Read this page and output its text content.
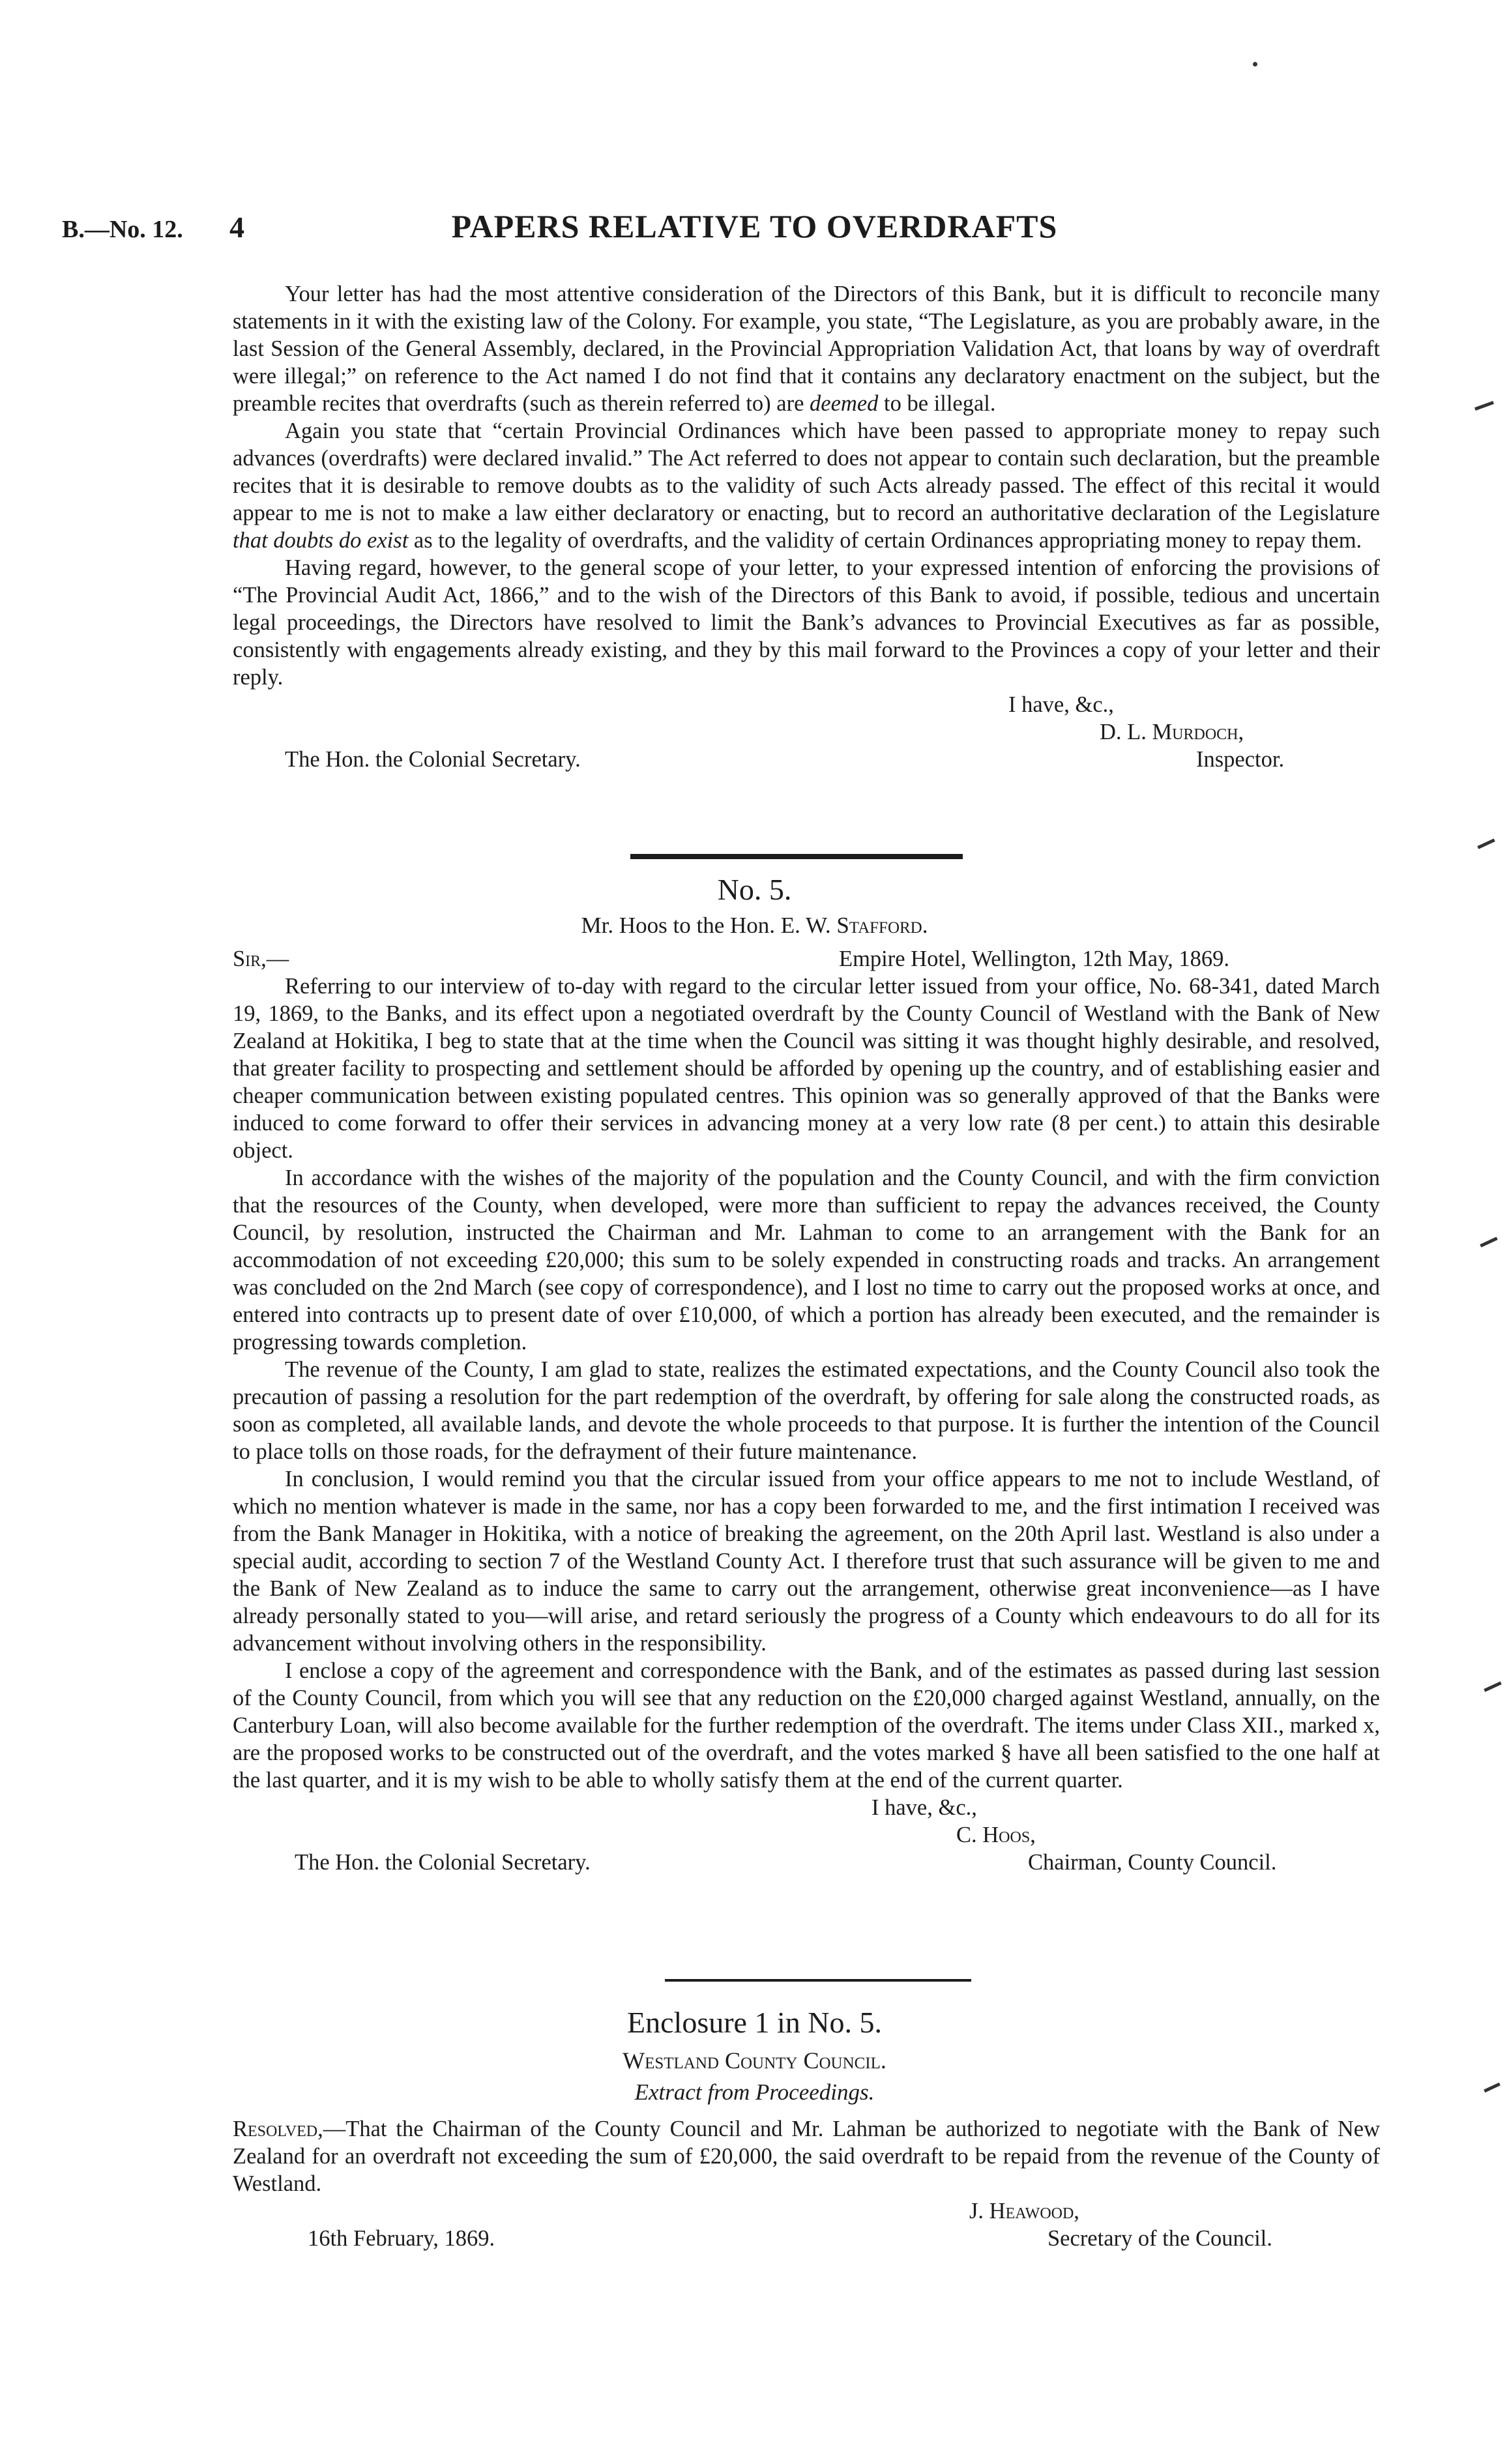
B.—No. 12. 4	PAPERS RELATIVE TO OVERDRAFTS

Your letter has had the most attentive consideration of the Directors of this Bank, but it is difficult to reconcile many statements in it with the existing law of the Colony. For example, you state, “The Legislature, as you are probably aware, in the last Session of the General Assembly, declared, in the Provincial Appropriation Validation Act, that loans by way of overdraft were illegal;” on reference to the Act named I do not find that it contains any declaratory enactment on the subject, but the preamble recites that overdrafts (such as therein referred to) are deemed to be illegal.

Again you state that “certain Provincial Ordinances which have been passed to appropriate money to repay such advances (overdrafts) were declared invalid.” The Act referred to does not appear to contain such declaration, but the preamble recites that it is desirable to remove doubts as to the validity of such Acts already passed. The effect of this recital it would appear to me is not to make a law either declaratory or enacting, but to record an authoritative declaration of the Legislature that doubts do exist as to the legality of overdrafts, and the validity of certain Ordinances appropriating money to repay them.

Having regard, however, to the general scope of your letter, to your expressed intention of enforcing the provisions of “The Provincial Audit Act, 1866,” and to the wish of the Directors of this Bank to avoid, if possible, tedious and uncertain legal proceedings, the Directors have resolved to limit the Bank’s advances to Provincial Executives as far as possible, consistently with engagements already existing, and they by this mail forward to the Provinces a copy of your letter and their reply.

I have, &c.,
D. L. Murdoch,
The Hon. the Colonial Secretary.	Inspector.
No. 5.
Mr. Hoos to the Hon. E. W. Stafford.
Sir,—	Empire Hotel, Wellington, 12th May, 1869.

Referring to our interview of to-day with regard to the circular letter issued from your office, No. 68-341, dated March 19, 1869, to the Banks, and its effect upon a negotiated overdraft by the County Council of Westland with the Bank of New Zealand at Hokitika, I beg to state that at the time when the Council was sitting it was thought highly desirable, and resolved, that greater facility to prospecting and settlement should be afforded by opening up the country, and of establishing easier and cheaper communication between existing populated centres. This opinion was so generally approved of that the Banks were induced to come forward to offer their services in advancing money at a very low rate (8 per cent.) to attain this desirable object.

In accordance with the wishes of the majority of the population and the County Council, and with the firm conviction that the resources of the County, when developed, were more than sufficient to repay the advances received, the County Council, by resolution, instructed the Chairman and Mr. Lahman to come to an arrangement with the Bank for an accommodation of not exceeding £20,000; this sum to be solely expended in constructing roads and tracks. An arrangement was concluded on the 2nd March (see copy of correspondence), and I lost no time to carry out the proposed works at once, and entered into contracts up to present date of over £10,000, of which a portion has already been executed, and the remainder is progressing towards completion.

The revenue of the County, I am glad to state, realizes the estimated expectations, and the County Council also took the precaution of passing a resolution for the part redemption of the overdraft, by offering for sale along the constructed roads, as soon as completed, all available lands, and devote the whole proceeds to that purpose. It is further the intention of the Council to place tolls on those roads, for the defrayment of their future maintenance.

In conclusion, I would remind you that the circular issued from your office appears to me not to include Westland, of which no mention whatever is made in the same, nor has a copy been forwarded to me, and the first intimation I received was from the Bank Manager in Hokitika, with a notice of breaking the agreement, on the 20th April last. Westland is also under a special audit, according to section 7 of the Westland County Act. I therefore trust that such assurance will be given to me and the Bank of New Zealand as to induce the same to carry out the arrangement, otherwise great inconvenience—as I have already personally stated to you—will arise, and retard seriously the progress of a County which endeavours to do all for its advancement without involving others in the responsibility.

I enclose a copy of the agreement and correspondence with the Bank, and of the estimates as passed during last session of the County Council, from which you will see that any reduction on the £20,000 charged against Westland, annually, on the Canterbury Loan, will also become available for the further redemption of the overdraft. The items under Class XII., marked x, are the proposed works to be constructed out of the overdraft, and the votes marked § have all been satisfied to the one half at the last quarter, and it is my wish to be able to wholly satisfy them at the end of the current quarter.

I have, &c.,
C. Hoos,
The Hon. the Colonial Secretary.	Chairman, County Council.
Enclosure 1 in No. 5.
Westland County Council.
Extract from Proceedings.

Resolved,—That the Chairman of the County Council and Mr. Lahman be authorized to negotiate with the Bank of New Zealand for an overdraft not exceeding the sum of £20,000, the said overdraft to be repaid from the revenue of the County of Westland.

J. Heawood,
16th February, 1869.	Secretary of the Council.
